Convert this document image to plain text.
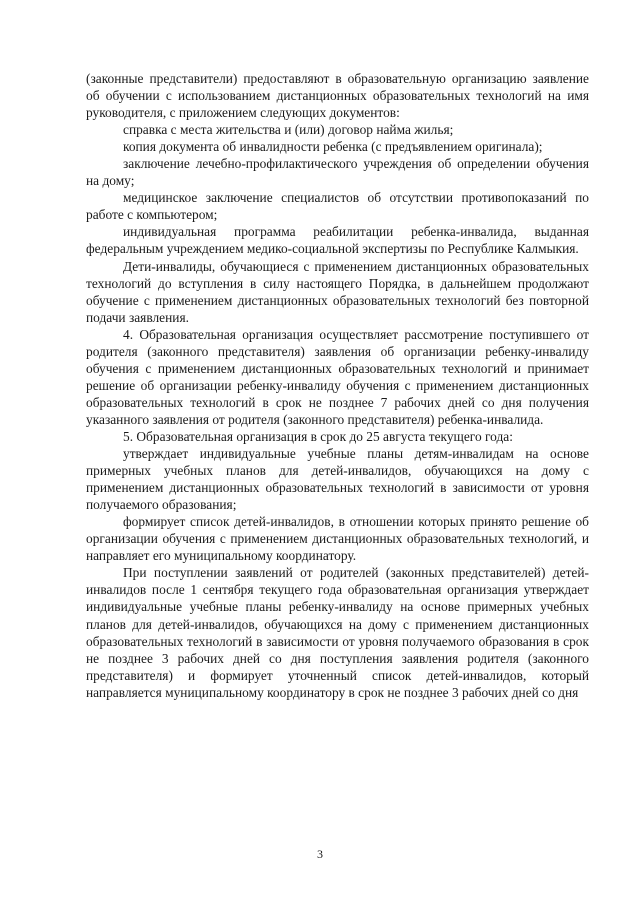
(законные представители) предоставляют в образовательную организацию заявление об обучении с использованием дистанционных образовательных технологий на имя руководителя, с приложением следующих документов:

справка с места жительства и (или) договор найма жилья;

копия документа об инвалидности ребенка (с предъявлением оригинала);

заключение лечебно-профилактического учреждения об определении обучения на дому;

медицинское заключение специалистов об отсутствии противопоказаний по работе с компьютером;

индивидуальная программа реабилитации ребенка-инвалида, выданная федеральным учреждением медико-социальной экспертизы по Республике Калмыкия.

Дети-инвалиды, обучающиеся с применением дистанционных образовательных технологий до вступления в силу настоящего Порядка, в дальнейшем продолжают обучение с применением дистанционных образовательных технологий без повторной подачи заявления.

4. Образовательная организация осуществляет рассмотрение поступившего от родителя (законного представителя) заявления об организации ребенку-инвалиду обучения с применением дистанционных образовательных технологий и принимает решение об организации ребенку-инвалиду обучения с применением дистанционных образовательных технологий в срок не позднее 7 рабочих дней со дня получения указанного заявления от родителя (законного представителя) ребенка-инвалида.

5. Образовательная организация в срок до 25 августа текущего года:

утверждает индивидуальные учебные планы детям-инвалидам на основе примерных учебных планов для детей-инвалидов, обучающихся на дому с применением дистанционных образовательных технологий в зависимости от уровня получаемого образования;

формирует список детей-инвалидов, в отношении которых принято решение об организации обучения с применением дистанционных образовательных технологий, и направляет его муниципальному координатору.

При поступлении заявлений от родителей (законных представителей) детей-инвалидов после 1 сентября текущего года образовательная организация утверждает индивидуальные учебные планы ребенку-инвалиду на основе примерных учебных планов для детей-инвалидов, обучающихся на дому с применением дистанционных образовательных технологий в зависимости от уровня получаемого образования в срок не позднее 3 рабочих дней со дня поступления заявления родителя (законного представителя) и формирует уточненный список детей-инвалидов, который направляется муниципальному координатору в срок не позднее 3 рабочих дней со дня

3
